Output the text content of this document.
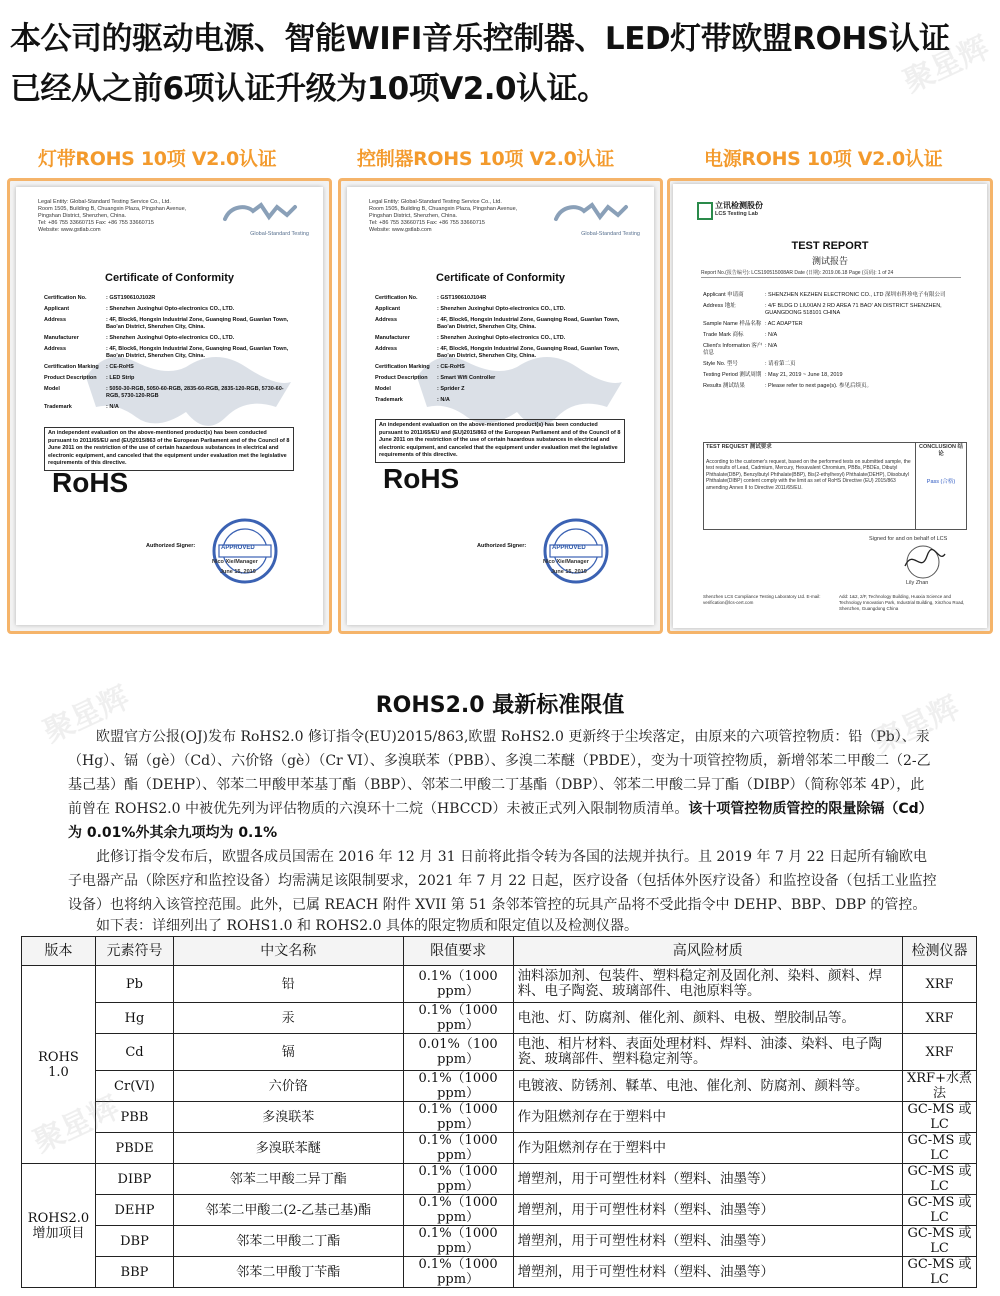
本公司的驱动电源、智能WIFI音乐控制器、LED灯带欧盟ROHS认证
已经从之前6项认证升级为10项V2.0认证。
灯带ROHS 10项 V2.0认证	控制器ROHS 10项 V2.0认证	电源ROHS 10项 V2.0认证
Legal Entity: Global-Standard Testing Service Co., Ltd.
Room 1505, Building B, Chuangxin Plaza, Pingshan Avenue,
Pingshan District, Shenzhen, China.
Tel: +86 755 33660715 Fax: +86 755 33660715
Website: www.gstlab.com
Global-Standard Testing
Certificate of Conformity
Certification No.	: GST190610J102R
Applicant	: Shenzhen Juxinghui Opto-electronics CO., LTD.
Address	: 4F, Block6, Hongxin Industrial Zone, Guanqing Road, Guanlan Town, Bao'an District, Shenzhen City, China.
Manufacturer	: Shenzhen Juxinghui Opto-electronics CO., LTD.
Address	: 4F, Block6, Hongxin Industrial Zone, Guanqing Road, Guanlan Town, Bao'an District, Shenzhen City, China.
Certification Marking	: CE-RoHS
Product Description	: LED Strip
Model	: 5050-30-RGB, 5050-60-RGB, 2835-60-RGB, 2835-120-RGB, 5730-60-RGB, 5730-120-RGB
Trademark	: N/A
An independent evaluation on the above-mentioned product(s) has been conducted pursuant to 2011/65/EU and (EU)2015/863 of the European Parliament and of the Council of 8 June 2011 on the restriction of the use of certain hazardous substances in electrical and electronic equipment, and canceled that the equipment under evaluation met the legislative requirements of this directive.
RoHS
Authorized Signer:	APPROVED
Nico Xie/Manager
June 15, 2019
Legal Entity: Global-Standard Testing Service Co., Ltd.
Room 1505, Building B, Chuangxin Plaza, Pingshan Avenue,
Pingshan District, Shenzhen, China.
Tel: +86 755 33660715 Fax: +86 755 33660715
Website: www.gstlab.com
Global-Standard Testing
Certificate of Conformity
Certification No.	: GST190610J104R
Applicant	: Shenzhen Juxinghui Opto-electronics CO., LTD.
Address	: 4F, Block6, Hongxin Industrial Zone, Guanqing Road, Guanlan Town, Bao'an District, Shenzhen City, China.
Manufacturer	: Shenzhen Juxinghui Opto-electronics CO., LTD.
Address	: 4F, Block6, Hongxin Industrial Zone, Guanqing Road, Guanlan Town, Bao'an District, Shenzhen City, China.
Certification Marking	: CE-RoHS
Product Description	: Smart Wifi Controller
Model	: Sprider Z
Trademark	: N/A
An independent evaluation on the above-mentioned product(s) has been conducted pursuant to 2011/65/EU and (EU)2015/863 of the European Parliament and of the Council of 8 June 2011 on the restriction of the use of certain hazardous substances in electrical and electronic equipment, and canceled that the equipment under evaluation met the legislative requirements of this directive.
RoHS
Authorized Signer:	APPROVED
Nico Xie/Manager
June 15, 2019
立讯检测股份
LCS Testing Lab
TEST REPORT
测试报告
Report No.(报告编号): LCS190515008AR Date (日期): 2019.06.18 Page (页码): 1 of 24
Applicant 申请商	: SHENZHEN KEZHEN ELECTRONIC CO., LTD 深圳市科珍电子有限公司
Address 地址	: 4/F BLDG D LIUXIAN 2 RD AREA 71 BAO' AN DISTRICT SHENZHEN, GUANGDONG 518101 CHINA
Sample Name 样品名称 : AC ADAPTER
Trade Mark 商标	: N/A
Client's Information 客户信息
: N/A
Style No. 型号	: 请看第二页
Testing Period 测试周期 : May 21, 2019 ~ June 18, 2019
Results 测试结果	: Please refer to next page(s). 参见后续页。
TEST REQUEST 测试要求	CONCLUSION 结论
According to the customer's request, based on the performed tests on submitted sample, the test results of Lead, Cadmium, Mercury, Hexavalent Chromium, PBBs, PBDEs, Dibutyl Phthalate(DBP), Benzylbutyl Phthalate(BBP), Bis(2-ethylhexyl) Phthalate(DEHP), Diisobutyl Phthalate(DIBP) content comply with the limit as set of RoHS Directive (EU) 2015/863 amending Annex II to Directive 2011/65/EU.
Pass (合格)
Signed for and on behalf of LCS
Lily Zhan
Shenzhen LCS Compliance Testing Laboratory Ltd. E-mail: verification@lcs-cert.com
Add: 1&2, 2/F, Technology Building, Huaxia Science and Technology Innovation Park, Industrial Building, Xinzhou Road, Shenzhen, Guangdong China
ROHS2.0 最新标准限值
欧盟官方公报(OJ)发布 RoHS2.0 修订指令(EU)2015/863,欧盟 RoHS2.0 更新终于尘埃落定，由原来的六项管控物质：铅（Pb）、汞（Hg）、镉（gè）（Cd）、六价铬（gè）（Cr VI）、多溴联苯（PBB）、多溴二苯醚（PBDE），变为十项管控物质，新增邻苯二甲酸二（2-乙基己基）酯（DEHP）、邻苯二甲酸甲苯基丁酯（BBP）、邻苯二甲酸二丁基酯（DBP）、邻苯二甲酸二异丁酯（DIBP）（简称邻苯 4P），此前曾在 ROHS2.0 中被优先列为评估物质的六溴环十二烷（HBCCD）未被正式列入限制物质清单。该十项管控物质管控的限量除镉（Cd）为 0.01%外其余九项均为 0.1%
此修订指令发布后，欧盟各成员国需在 2016 年 12 月 31 日前将此指令转为各国的法规并执行。且 2019 年 7 月 22 日起所有输欧电子电器产品（除医疗和监控设备）均需满足该限制要求，2021 年 7 月 22 日起，医疗设备（包括体外医疗设备）和监控设备（包括工业监控设备）也将纳入该管控范围。此外，已属 REACH 附件 XVII 第 51 条邻苯管控的玩具产品将不受此指令中 DEHP、BBP、DBP 的管控。
如下表：详细列出了 ROHS1.0 和 ROHS2.0 具体的限定物质和限定值以及检测仪器。
版本	元素符号	中文名称	限值要求	高风险材质	检测仪器
ROHS 1.0	Pb	铅	0.1%（1000 ppm）	油料添加剂、包装件、塑料稳定剂及固化剂、染料、颜料、焊料、电子陶瓷、玻璃部件、电池原料等。	XRF
	Hg	汞	0.1%（1000 ppm）	电池、灯、防腐剂、催化剂、颜料、电极、塑胶制品等。	XRF
	Cd	镉	0.01%（100 ppm）	电池、相片材料、表面处理材料、焊料、油漆、染料、电子陶瓷、玻璃部件、塑料稳定剂等。	XRF
	Cr(VI)	六价铬	0.1%（1000 ppm）	电镀液、防锈剂、鞣革、电池、催化剂、防腐剂、颜料等。	XRF+水煮法
	PBB	多溴联苯	0.1%（1000 ppm）	作为阻燃剂存在于塑料中	GC-MS 或 LC
	PBDE	多溴联苯醚	0.1%（1000 ppm）	作为阻燃剂存在于塑料中	GC-MS 或 LC
ROHS2.0 增加项目	DIBP	邻苯二甲酸二异丁酯	0.1%（1000 ppm）	增塑剂，用于可塑性材料（塑料、油墨等）	GC-MS 或 LC
	DEHP	邻苯二甲酸二(2-乙基己基)酯	0.1%（1000 ppm）	增塑剂，用于可塑性材料（塑料、油墨等）	GC-MS 或 LC
	DBP	邻苯二甲酸二丁酯	0.1%（1000 ppm）	增塑剂，用于可塑性材料（塑料、油墨等）	GC-MS 或 LC
	BBP	邻苯二甲酸丁苄酯	0.1%（1000 ppm）	增塑剂，用于可塑性材料（塑料、油墨等）	GC-MS 或 LC
聚星辉
聚星辉	聚星辉
聚星辉
